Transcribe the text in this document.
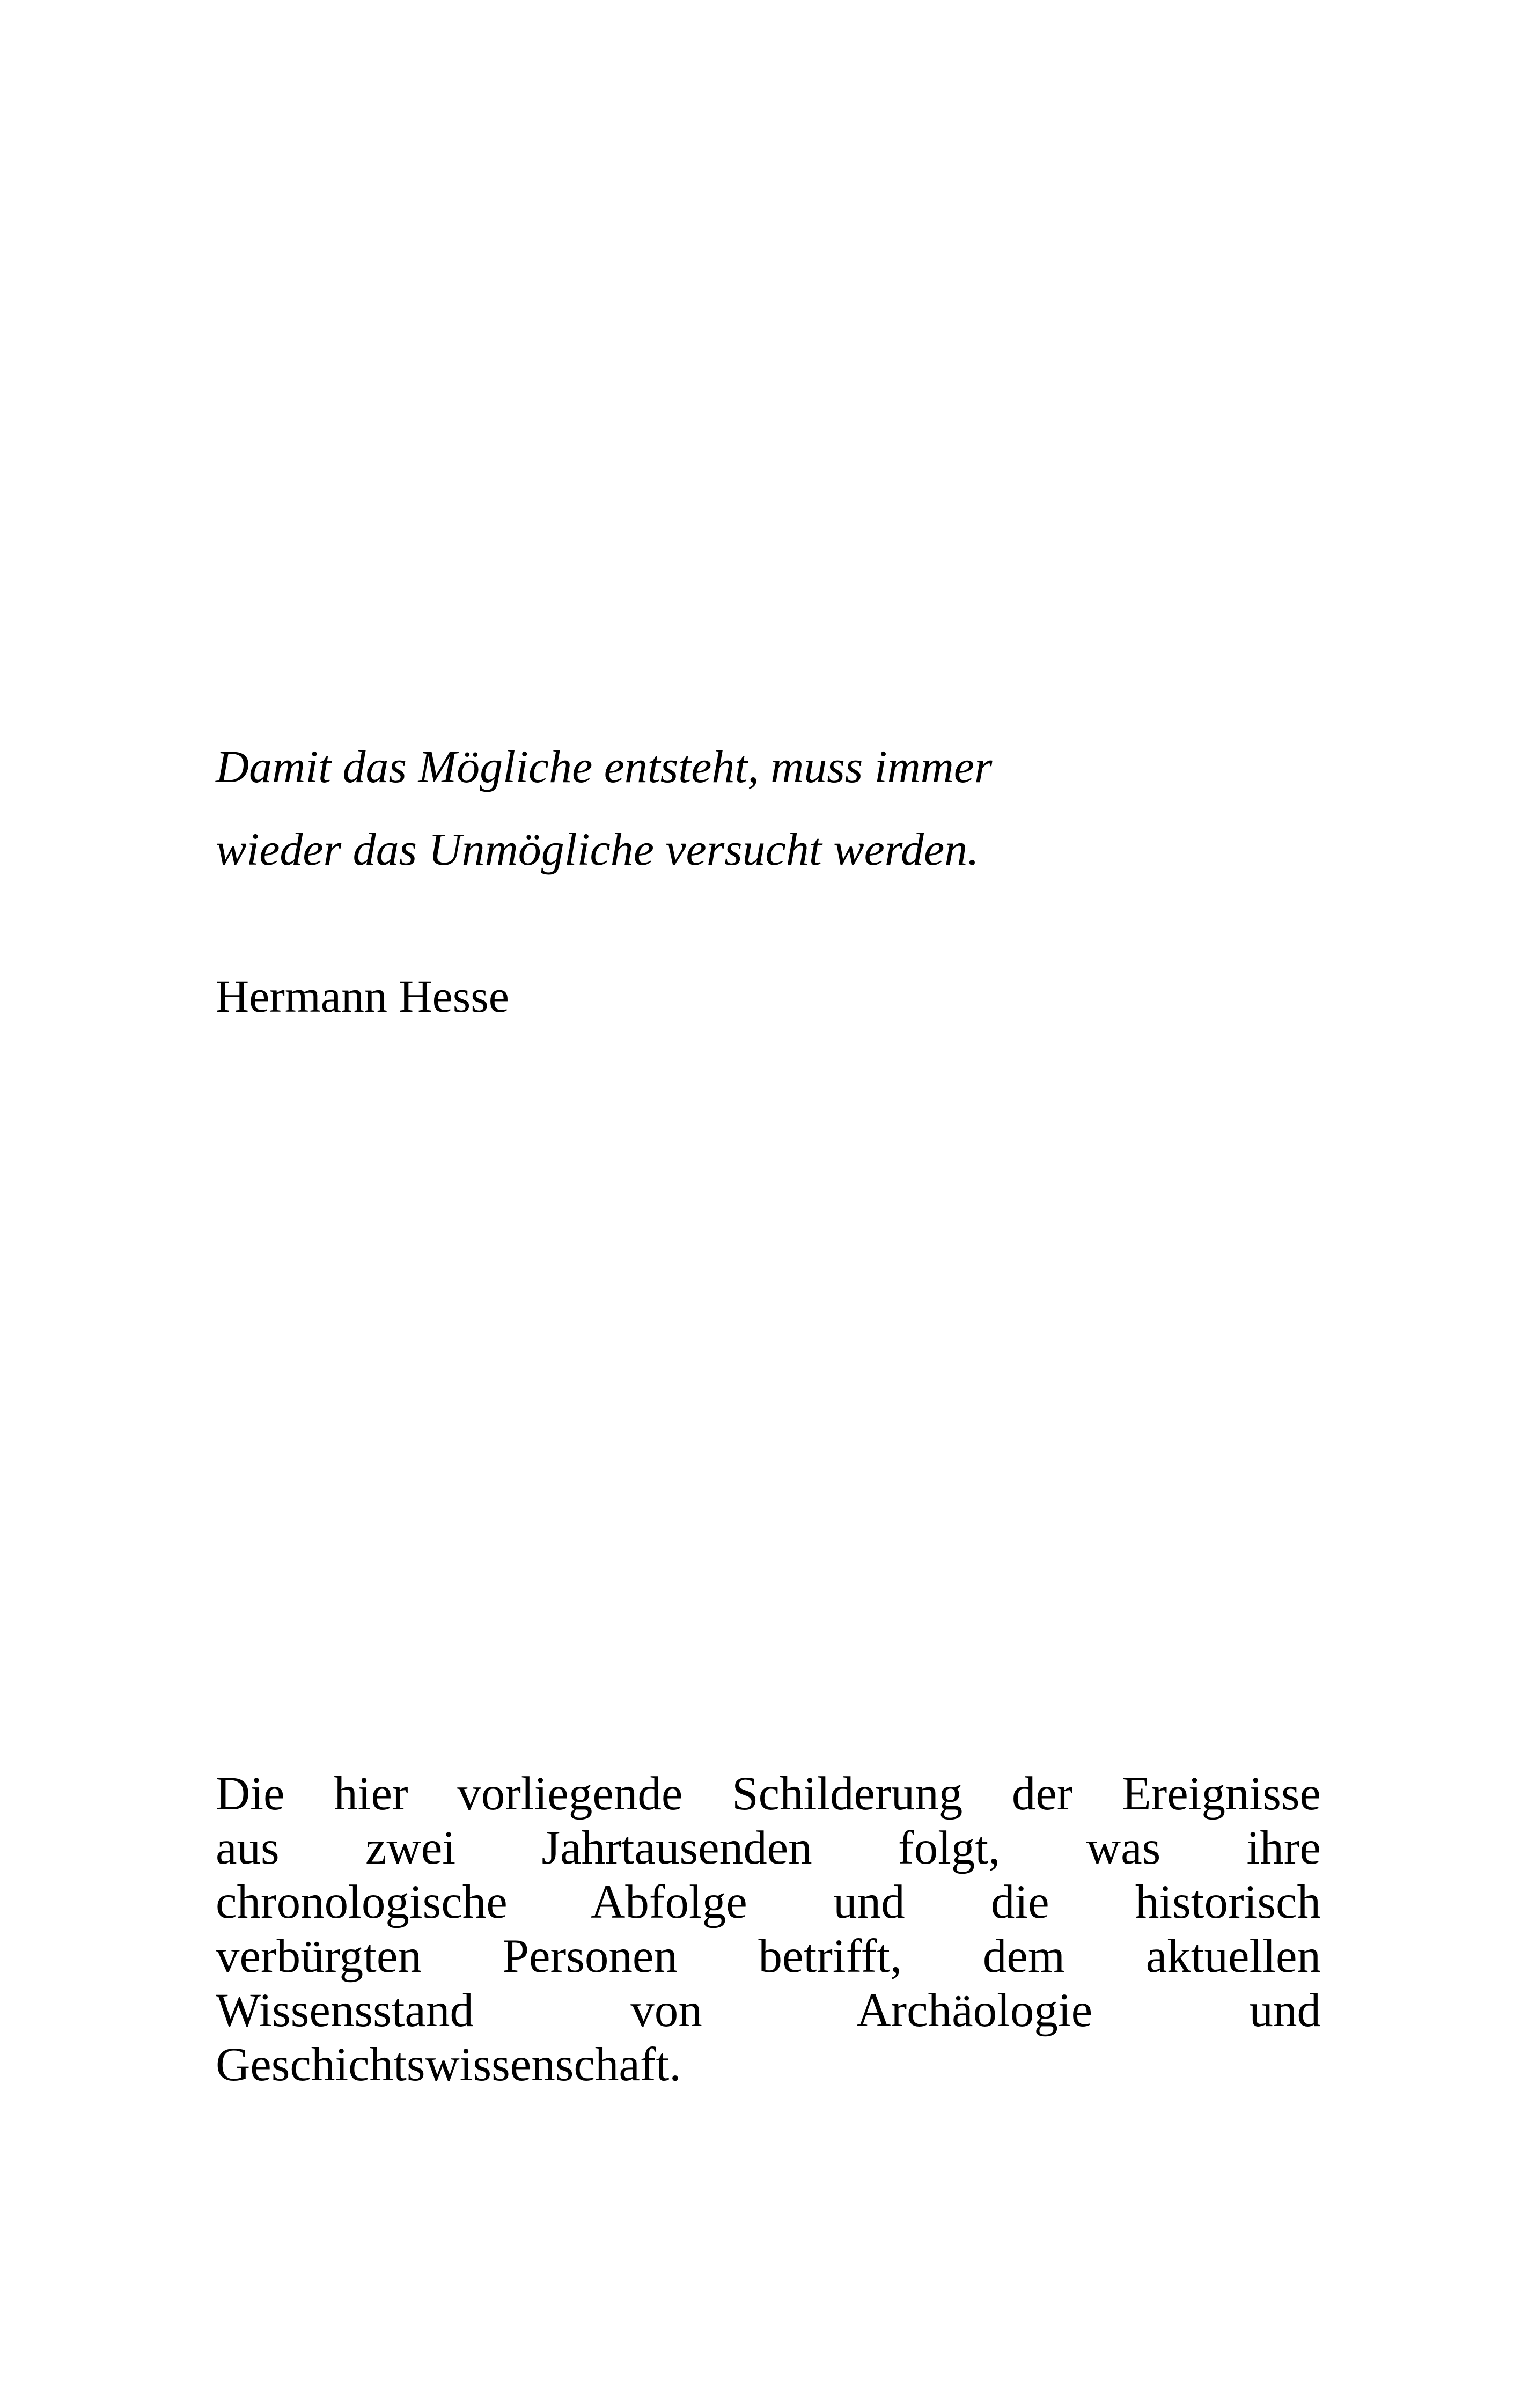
Damit das Mögliche entsteht, muss immer
wieder das Unmögliche versucht werden.
Hermann Hesse
Die hier vorliegende Schilderung der Ereignisse
aus zwei Jahrtausenden folgt, was ihre
chronologische Abfolge und die historisch
verbürgten Personen betrifft, dem aktuellen
Wissensstand von Archäologie und
Geschichtswissenschaft.
